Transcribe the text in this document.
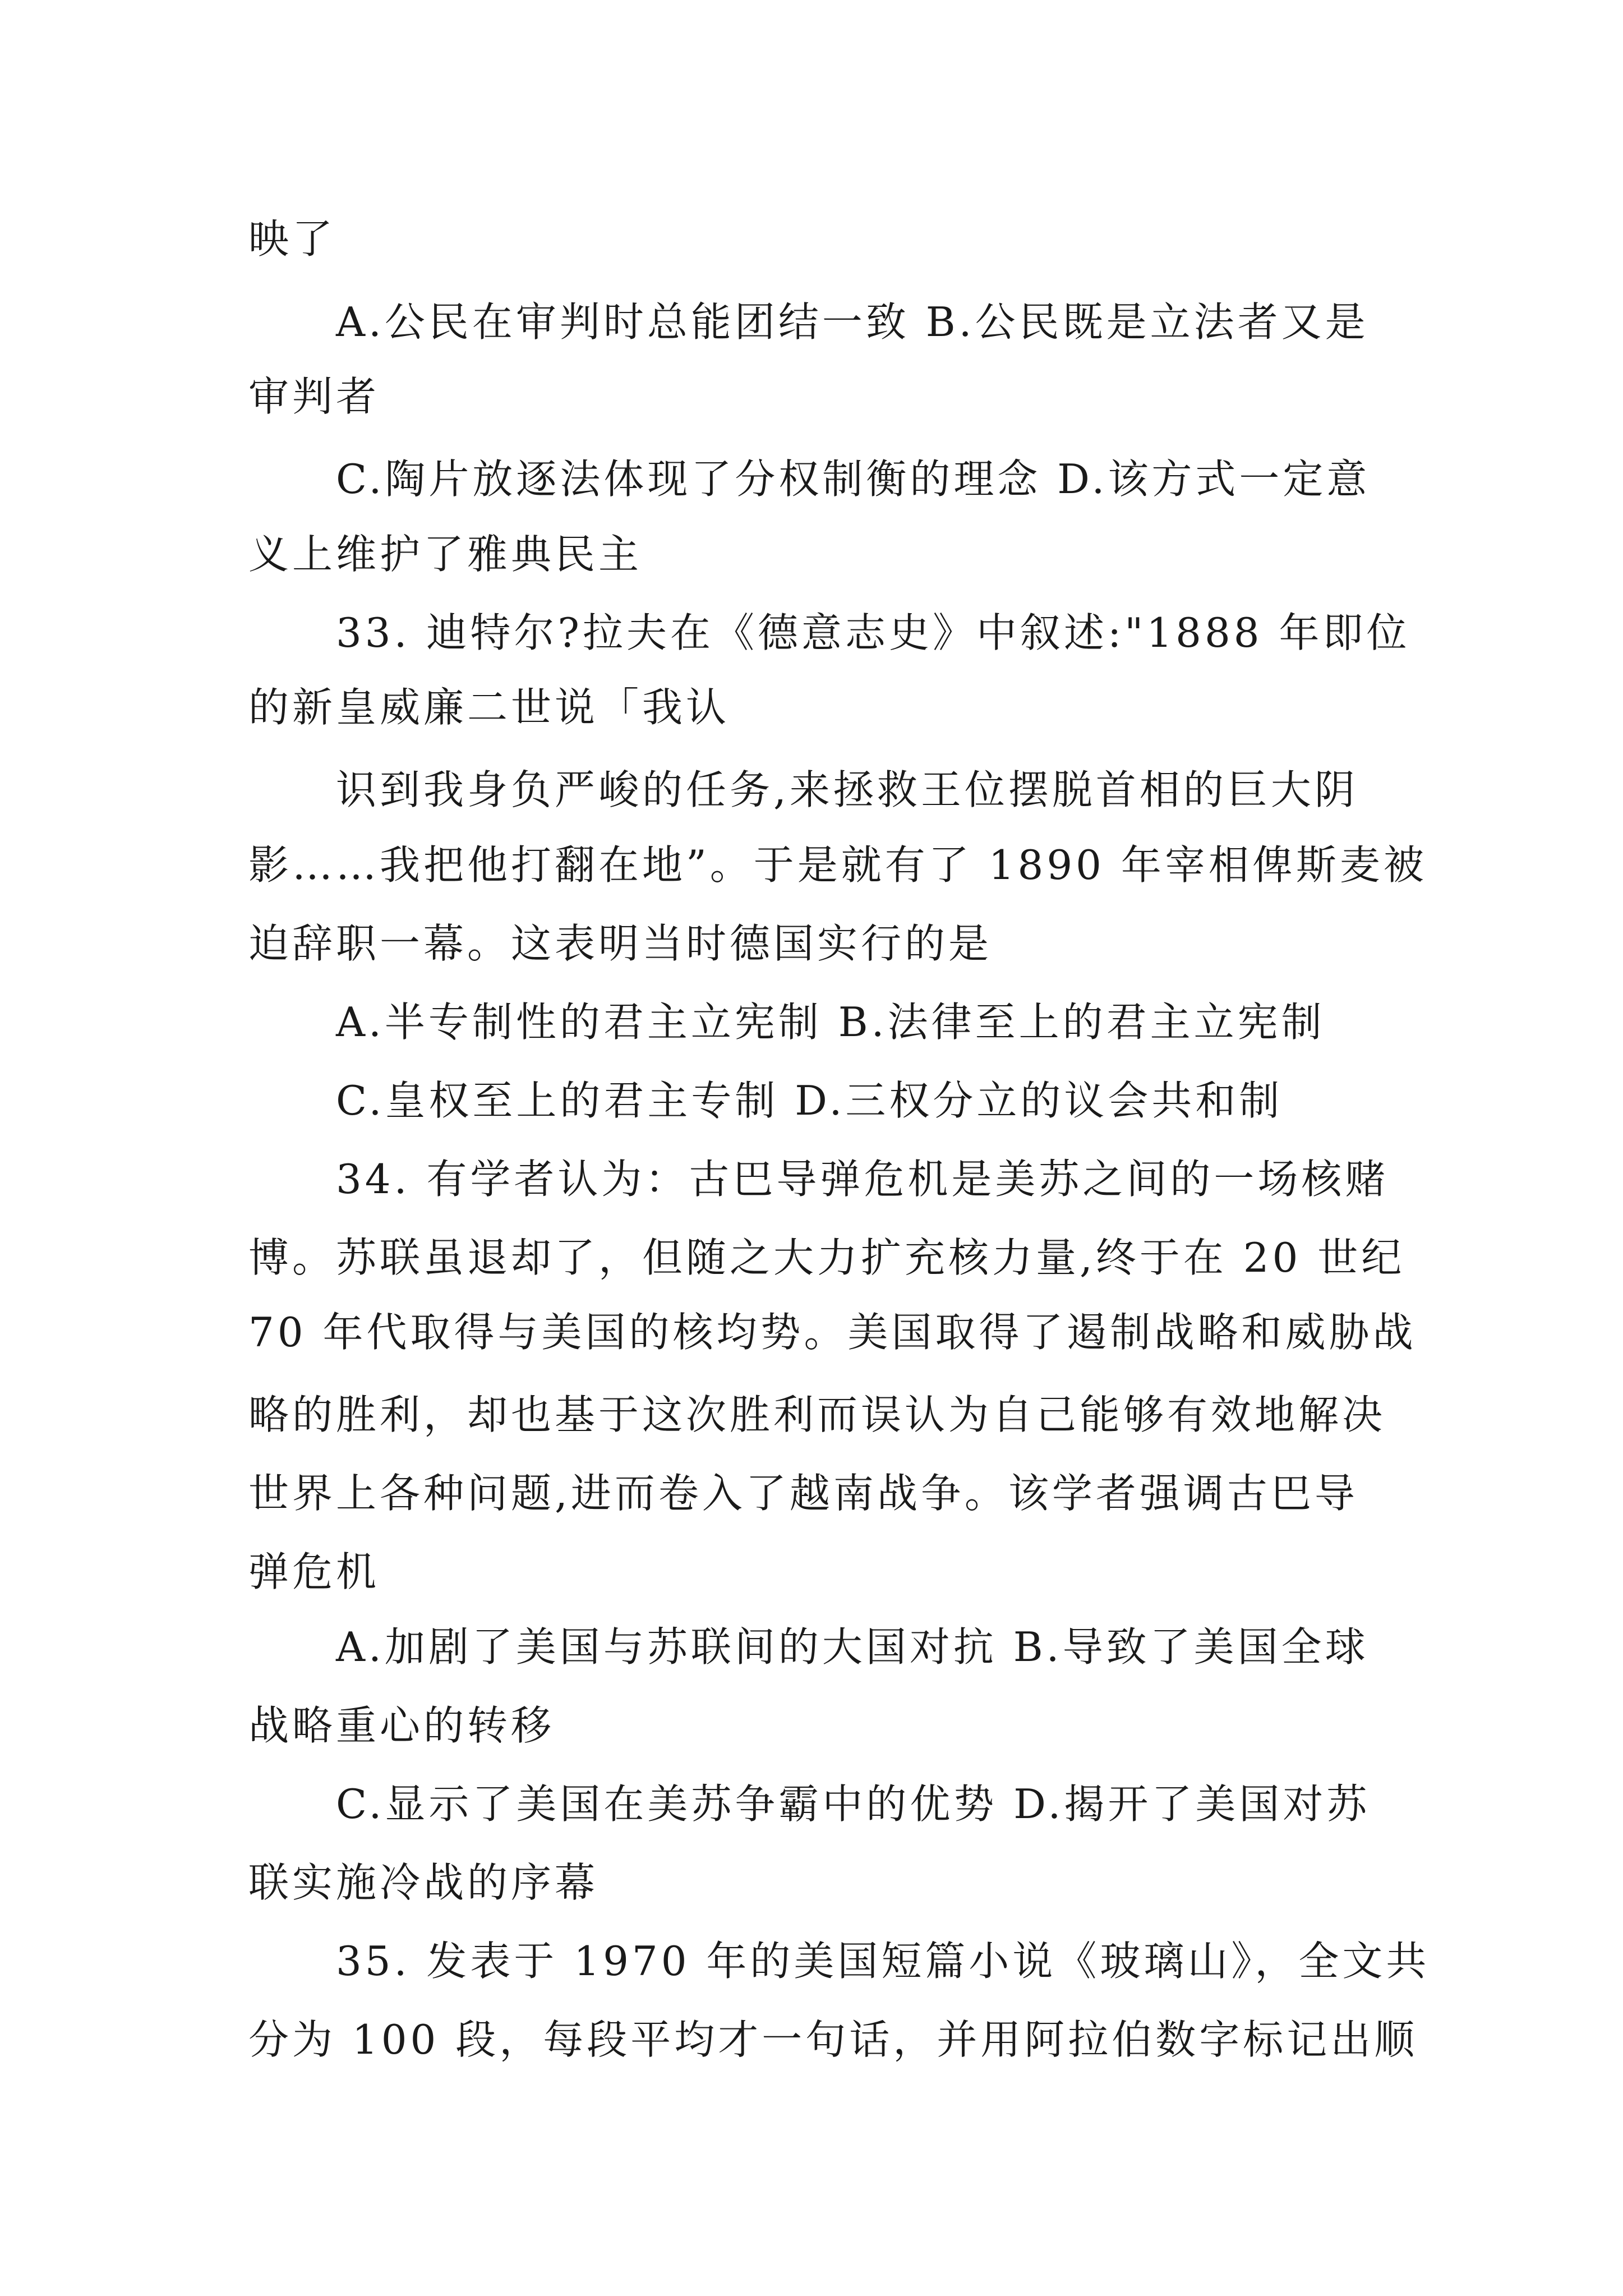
映了

A.公民在审判时总能团结一致 B.公民既是立法者又是

审判者

C.陶片放逐法体现了分权制衡的理念 D.该方式一定意

义上维护了雅典民主

33. 迪特尔?拉夫在《德意志史》中叙述:"1888 年即位

的新皇威廉二世说「我认

识到我身负严峻的任务,来拯救王位摆脱首相的巨大阴

影……我把他打翻在地”。于是就有了 1890 年宰相俾斯麦被

迫辞职一幕。这表明当时德国实行的是

A.半专制性的君主立宪制 B.法律至上的君主立宪制

C.皇权至上的君主专制 D.三权分立的议会共和制

34. 有学者认为：古巴导弹危机是美苏之间的一场核赌

博。苏联虽退却了，但随之大力扩充核力量,终于在 20 世纪

70 年代取得与美国的核均势。美国取得了遏制战略和威胁战

略的胜利，却也基于这次胜利而误认为自己能够有效地解决

世界上各种问题,进而卷入了越南战争。该学者强调古巴导

弹危机

A.加剧了美国与苏联间的大国对抗 B.导致了美国全球

战略重心的转移

C.显示了美国在美苏争霸中的优势 D.揭开了美国对苏

联实施冷战的序幕

35. 发表于 1970 年的美国短篇小说《玻璃山》，全文共

分为 100 段，每段平均才一句话，并用阿拉伯数字标记出顺
